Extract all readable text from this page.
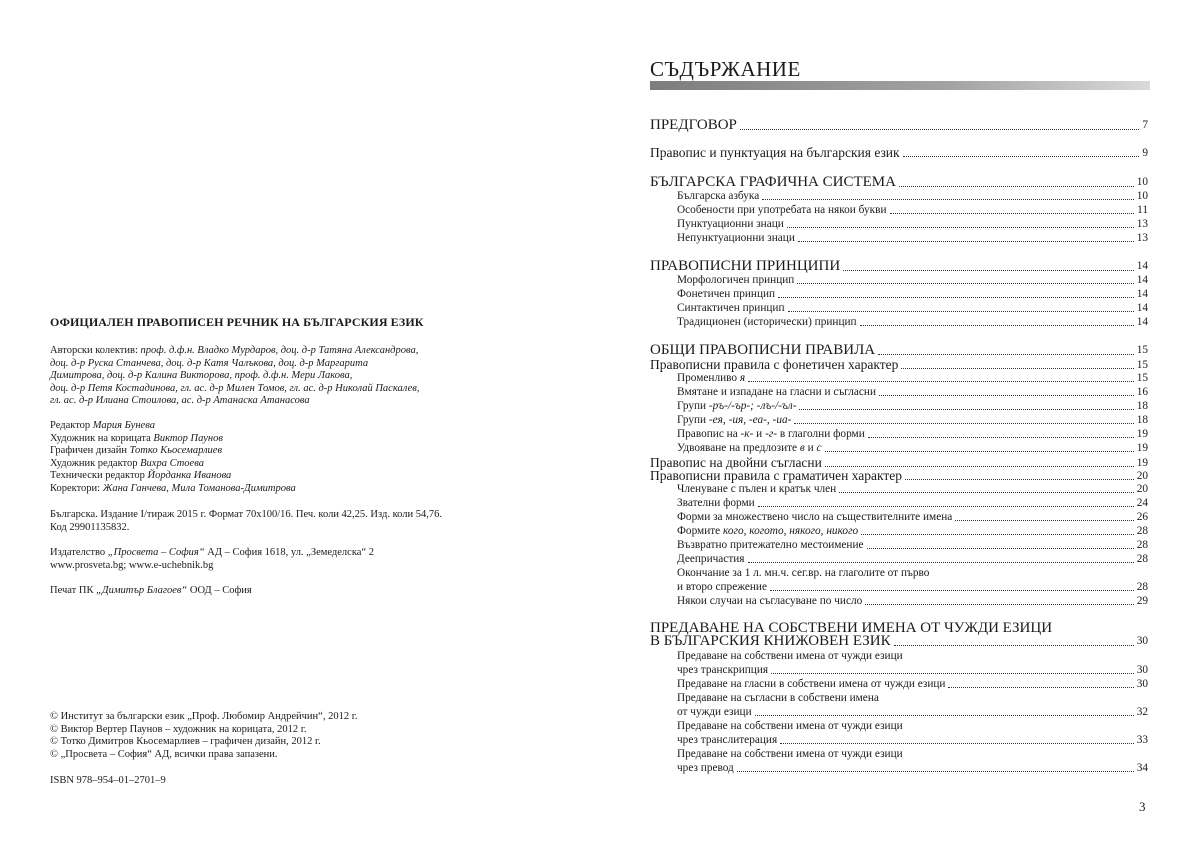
ОФИЦИАЛЕН ПРАВОПИСЕН РЕЧНИК НА БЪЛГАРСКИЯ ЕЗИК

Авторски колектив: проф. д.ф.н. Владко Мурдаров, доц. д-р Татяна Александрова,

доц. д-р Руска Станчева, доц. д-р Катя Чалъкова, доц. д-р Маргарита

Димитрова, доц. д-р Калина Викторова, проф. д.ф.н. Мери Лакова,

доц. д-р Петя Костадинова, гл. ас. д-р Милен Томов, гл. ас. д-р Николай Паскалев,

гл. ас. д-р Илиана Стоилова, ас. д-р Атанаска Атанасова

Редактор Мария Бунева

Художник на корицата Виктор Паунов

Графичен дизайн Тотко Кьосемарлиев

Художник редактор Вихра Стоева

Технически редактор Йорданка Иванова

Коректори: Жана Ганчева, Мила Томанова-Димитрова

Българска. Издание I/тираж 2015 г. Формат 70x100/16. Печ. коли 42,25. Изд. коли 54,76.

Код 29901135832.

Издателство „Просвета – София“ АД – София 1618, ул. „Земеделска“ 2

www.prosveta.bg; www.e-uchebnik.bg

Печат ПК „Димитър Благоев“ ООД – София

© Институт за български език „Проф. Любомир Андрейчин“, 2012 г.

© Виктор Вертер Паунов – художник на корицата, 2012 г.

© Тотко Димитров Кьосемарлиев – графичен дизайн, 2012 г.

© „Просвета – София“ АД, всички права запазени.

ISBN 978–954–01–2701–9
СЪДЪРЖАНИЕ
ПРЕДГОВОР	7
Правопис и пунктуация на българския език	9
БЪЛГАРСКА ГРАФИЧНА СИСТЕМА	10
Българска азбука	10
Особености при употребата на някои букви	11
Пунктуационни знаци	13
Непунктуационни знаци	13
ПРАВОПИСНИ ПРИНЦИПИ	14
Морфологичен принцип	14
Фонетичен принцип	14
Синтактичен принцип	14
Традиционен (исторически) принцип	14
ОБЩИ ПРАВОПИСНИ ПРАВИЛА	15
Правописни правила с фонетичен характер	15
Променливо я	15
Вмятане и изпадане на гласни и съгласни	16
Групи -ръ-/-ър-; -лъ-/-ъл-	18
Групи -ея, -ия, -еа-, -иа-	18
Правопис на -к- и -г- в глаголни форми	19
Удвояване на предлозите в и с	19
Правопис на двойни съгласни	19
Правописни правила с граматичен характер	20
Членуване с пълен и кратък член	20
Звателни форми	24
Форми за множествено число на съществителните имена	26
Формите кого, когото, някого, никого	28
Възвратно притежателно местоимение	28
Деепричастия	28
Окончание за 1 л. мн.ч. сег.вр. на глаголите от първо
и второ спрежение	28
Някои случаи на съгласуване по число	29
ПРЕДАВАНЕ НА СОБСТВЕНИ ИМЕНА ОТ ЧУЖДИ ЕЗИЦИ
В БЪЛГАРСКИЯ КНИЖОВЕН ЕЗИК	30
Предаване на собствени имена от чужди езици
чрез транскрипция	30
Предаване на гласни в собствени имена от чужди езици	30
Предаване на съгласни в собствени имена
от чужди езици	32
Предаване на собствени имена от чужди езици
чрез транслитерация	33
Предаване на собствени имена от чужди езици
чрез превод	34
3
